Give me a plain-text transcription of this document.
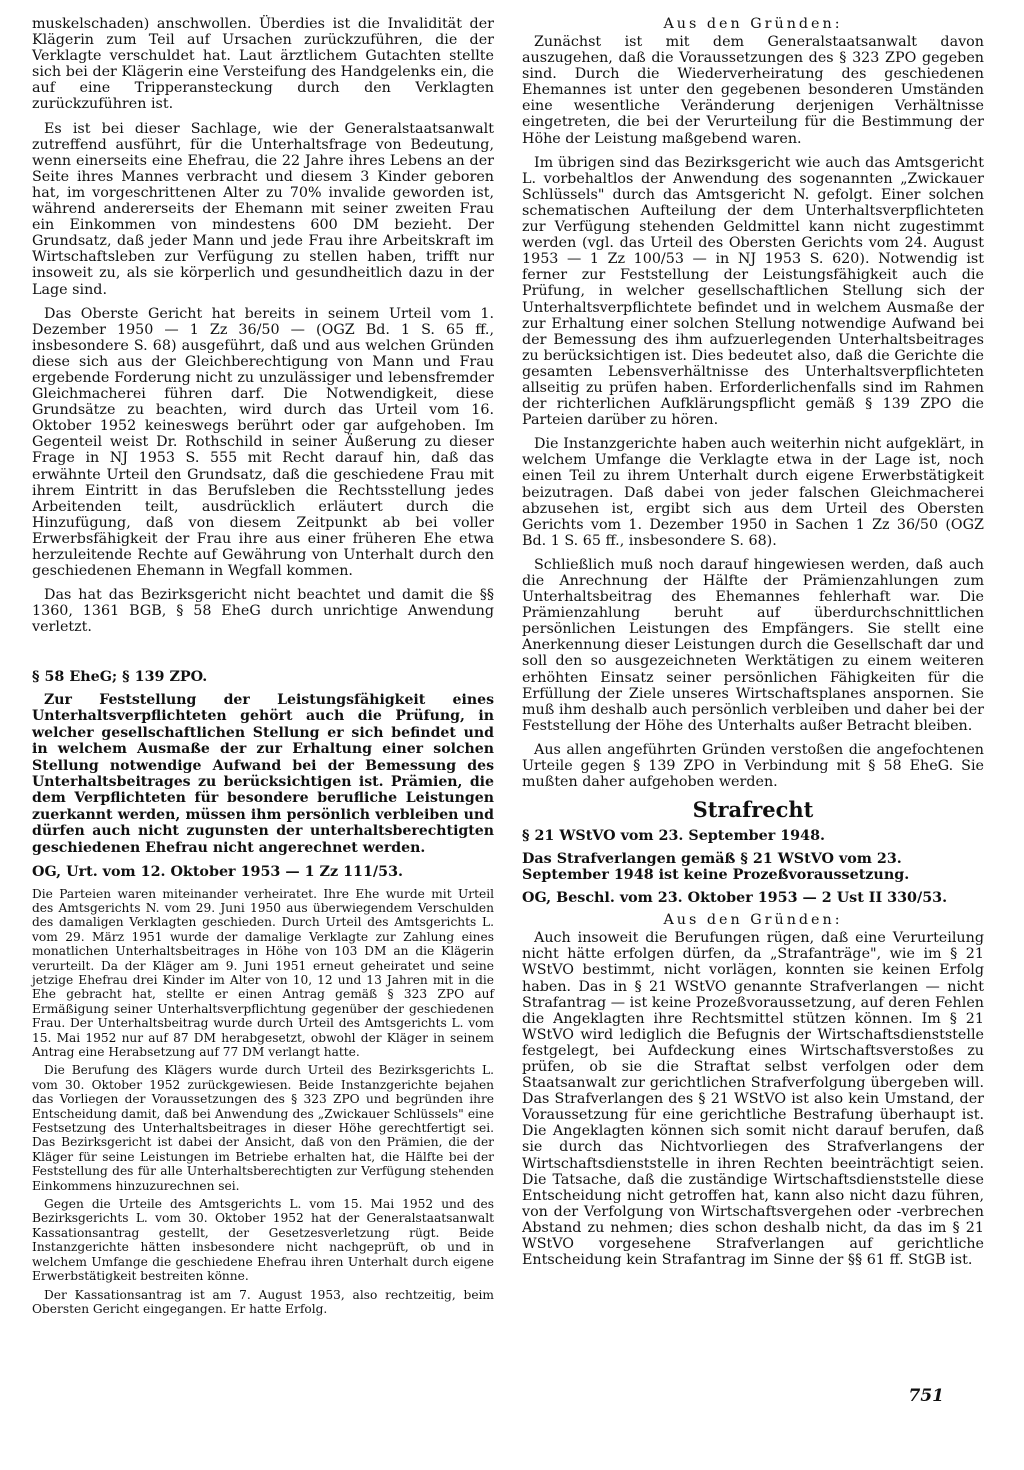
muskelschaden) anschwollen. Überdies ist die Invalidität der Klägerin zum Teil auf Ursachen zurückzuführen, die der Verklagte verschuldet hat. Laut ärztlichem Gutachten stellte sich bei der Klägerin eine Versteifung des Handgelenks ein, die auf eine Tripperansteckung durch den Verklagten zurückzuführen ist.

Es ist bei dieser Sachlage, wie der Generalstaatsanwalt zutreffend ausführt, für die Unterhaltsfrage von Bedeutung, wenn einerseits eine Ehefrau, die 22 Jahre ihres Lebens an der Seite ihres Mannes verbracht und diesem 3 Kinder geboren hat, im vorgeschrittenen Alter zu 70% invalide geworden ist, während andererseits der Ehemann mit seiner zweiten Frau ein Einkommen von mindestens 600 DM bezieht. Der Grundsatz, daß jeder Mann und jede Frau ihre Arbeitskraft im Wirtschaftsleben zur Verfügung zu stellen haben, trifft nur insoweit zu, als sie körperlich und gesundheitlich dazu in der Lage sind.

Das Oberste Gericht hat bereits in seinem Urteil vom 1. Dezember 1950 — 1 Zz 36/50 — (OGZ Bd. 1 S. 65 ff., insbesondere S. 68) ausgeführt, daß und aus welchen Gründen diese sich aus der Gleichberechtigung von Mann und Frau ergebende Forderung nicht zu unzulässiger und lebensfremder Gleichmacherei führen darf. Die Notwendigkeit, diese Grundsätze zu beachten, wird durch das Urteil vom 16. Oktober 1952 keineswegs berührt oder gar aufgehoben. Im Gegenteil weist Dr. Rothschild in seiner Äußerung zu dieser Frage in NJ 1953 S. 555 mit Recht darauf hin, daß das erwähnte Urteil den Grundsatz, daß die geschiedene Frau mit ihrem Eintritt in das Berufsleben die Rechtsstellung jedes Arbeitenden teilt, ausdrücklich erläutert durch die Hinzufügung, daß von diesem Zeitpunkt ab bei voller Erwerbsfähigkeit der Frau ihre aus einer früheren Ehe etwa herzuleitende Rechte auf Gewährung von Unterhalt durch den geschiedenen Ehemann in Wegfall kommen.

Das hat das Bezirksgericht nicht beachtet und damit die §§ 1360, 1361 BGB, § 58 EheG durch unrichtige Anwendung verletzt.

§ 58 EheG; § 139 ZPO.
Zur Feststellung der Leistungsfähigkeit eines Unterhaltsverpflichteten gehört auch die Prüfung, in welcher gesellschaftlichen Stellung er sich befindet und in welchem Ausmaße der zur Erhaltung einer solchen Stellung notwendige Aufwand bei der Bemessung des Unterhaltsbeitrages zu berücksichtigen ist. Prämien, die dem Verpflichteten für besondere berufliche Leistungen zuerkannt werden, müssen ihm persönlich verbleiben und dürfen auch nicht zugunsten der unterhaltsberechtigten geschiedenen Ehefrau nicht angerechnet werden.
OG, Urt. vom 12. Oktober 1953 — 1 Zz 111/53.

Die Parteien waren miteinander verheiratet. Ihre Ehe wurde mit Urteil des Amtsgerichts N. vom 29. Juni 1950 aus überwiegendem Verschulden des damaligen Verklagten geschieden. Durch Urteil des Amtsgerichts L. vom 29. März 1951 wurde der damalige Verklagte zur Zahlung eines monatlichen Unterhaltsbeitrages in Höhe von 103 DM an die Klägerin verurteilt. Da der Kläger am 9. Juni 1951 erneut geheiratet und seine jetzige Ehefrau drei Kinder im Alter von 10, 12 und 13 Jahren mit in die Ehe gebracht hat, stellte er einen Antrag gemäß § 323 ZPO auf Ermäßigung seiner Unterhaltsverpflichtung gegenüber der geschiedenen Frau. Der Unterhaltsbeitrag wurde durch Urteil des Amtsgerichts L. vom 15. Mai 1952 nur auf 87 DM herabgesetzt, obwohl der Kläger in seinem Antrag eine Herabsetzung auf 77 DM verlangt hatte.

Die Berufung des Klägers wurde durch Urteil des Bezirksgerichts L. vom 30. Oktober 1952 zurückgewiesen. Beide Instanzgerichte bejahen das Vorliegen der Voraussetzungen des § 323 ZPO und begründen ihre Entscheidung damit, daß bei Anwendung des „Zwickauer Schlüssels" eine Festsetzung des Unterhaltsbeitrages in dieser Höhe gerechtfertigt sei. Das Bezirksgericht ist dabei der Ansicht, daß von den Prämien, die der Kläger für seine Leistungen im Betriebe erhalten hat, die Hälfte bei der Feststellung des für alle Unterhaltsberechtigten zur Verfügung stehenden Einkommens hinzuzurechnen sei.

Gegen die Urteile des Amtsgerichts L. vom 15. Mai 1952 und des Bezirksgerichts L. vom 30. Oktober 1952 hat der Generalstaatsanwalt Kassationsantrag gestellt, der Gesetzesverletzung rügt. Beide Instanzgerichte hätten insbesondere nicht nachgeprüft, ob und in welchem Umfange die geschiedene Ehefrau ihren Unterhalt durch eigene Erwerbstätigkeit bestreiten könne.

Der Kassationsantrag ist am 7. August 1953, also rechtzeitig, beim Obersten Gericht eingegangen. Er hatte Erfolg.

Aus den Gründen:

Zunächst ist mit dem Generalstaatsanwalt davon auszugehen, daß die Voraussetzungen des § 323 ZPO gegeben sind. Durch die Wiederverheiratung des geschiedenen Ehemannes ist unter den gegebenen besonderen Umständen eine wesentliche Veränderung derjenigen Verhältnisse eingetreten, die bei der Verurteilung für die Bestimmung der Höhe der Leistung maßgebend waren.

Im übrigen sind das Bezirksgericht wie auch das Amtsgericht L. vorbehaltlos der Anwendung des sogenannten „Zwickauer Schlüssels" durch das Amtsgericht N. gefolgt. Einer solchen schematischen Aufteilung der dem Unterhaltsverpflichteten zur Verfügung stehenden Geldmittel kann nicht zugestimmt werden (vgl. das Urteil des Obersten Gerichts vom 24. August 1953 — 1 Zz 100/53 — in NJ 1953 S. 620). Notwendig ist ferner zur Feststellung der Leistungsfähigkeit auch die Prüfung, in welcher gesellschaftlichen Stellung sich der Unterhaltsverpflichtete befindet und in welchem Ausmaße der zur Erhaltung einer solchen Stellung notwendige Aufwand bei der Bemessung des ihm aufzuerlegenden Unterhaltsbeitrages zu berücksichtigen ist. Dies bedeutet also, daß die Gerichte die gesamten Lebensverhältnisse des Unterhaltsverpflichteten allseitig zu prüfen haben. Erforderlichenfalls sind im Rahmen der richterlichen Aufklärungspflicht gemäß § 139 ZPO die Parteien darüber zu hören.

Die Instanzgerichte haben auch weiterhin nicht aufgeklärt, in welchem Umfange die Verklagte etwa in der Lage ist, noch einen Teil zu ihrem Unterhalt durch eigene Erwerbstätigkeit beizutragen. Daß dabei von jeder falschen Gleichmacherei abzusehen ist, ergibt sich aus dem Urteil des Obersten Gerichts vom 1. Dezember 1950 in Sachen 1 Zz 36/50 (OGZ Bd. 1 S. 65 ff., insbesondere S. 68).

Schließlich muß noch darauf hingewiesen werden, daß auch die Anrechnung der Hälfte der Prämienzahlungen zum Unterhaltsbeitrag des Ehemannes fehlerhaft war. Die Prämienzahlung beruht auf überdurchschnittlichen persönlichen Leistungen des Empfängers. Sie stellt eine Anerkennung dieser Leistungen durch die Gesellschaft dar und soll den so ausgezeichneten Werktätigen zu einem weiteren erhöhten Einsatz seiner persönlichen Fähigkeiten für die Erfüllung der Ziele unseres Wirtschaftsplanes anspornen. Sie muß ihm deshalb auch persönlich verbleiben und daher bei der Feststellung der Höhe des Unterhalts außer Betracht bleiben.

Aus allen angeführten Gründen verstoßen die angefochtenen Urteile gegen § 139 ZPO in Verbindung mit § 58 EheG. Sie mußten daher aufgehoben werden.

Strafrecht
§ 21 WStVO vom 23. September 1948.
Das Strafverlangen gemäß § 21 WStVO vom 23. September 1948 ist keine Prozeßvoraussetzung.
OG, Beschl. vom 23. Oktober 1953 — 2 Ust II 330/53.
Aus den Gründen:

Auch insoweit die Berufungen rügen, daß eine Verurteilung nicht hätte erfolgen dürfen, da „Strafanträge", wie im § 21 WStVO bestimmt, nicht vorlägen, konnten sie keinen Erfolg haben. Das in § 21 WStVO genannte Strafverlangen — nicht Strafantrag — ist keine Prozeßvoraussetzung, auf deren Fehlen die Angeklagten ihre Rechtsmittel stützen können. Im § 21 WStVO wird lediglich die Befugnis der Wirtschaftsdienststelle festgelegt, bei Aufdeckung eines Wirtschaftsverstoßes zu prüfen, ob sie die Straftat selbst verfolgen oder dem Staatsanwalt zur gerichtlichen Strafverfolgung übergeben will. Das Strafverlangen des § 21 WStVO ist also kein Umstand, der Voraussetzung für eine gerichtliche Bestrafung überhaupt ist. Die Angeklagten können sich somit nicht darauf berufen, daß sie durch das Nichtvorliegen des Strafverlangens der Wirtschaftsdienststelle in ihren Rechten beeinträchtigt seien. Die Tatsache, daß die zuständige Wirtschaftsdienststelle diese Entscheidung nicht getroffen hat, kann also nicht dazu führen, von der Verfolgung von Wirtschaftsvergehen oder -verbrechen Abstand zu nehmen; dies schon deshalb nicht, da das im § 21 WStVO vorgesehene Strafverlangen auf gerichtliche Entscheidung kein Strafantrag im Sinne der §§ 61 ff. StGB ist.

751
